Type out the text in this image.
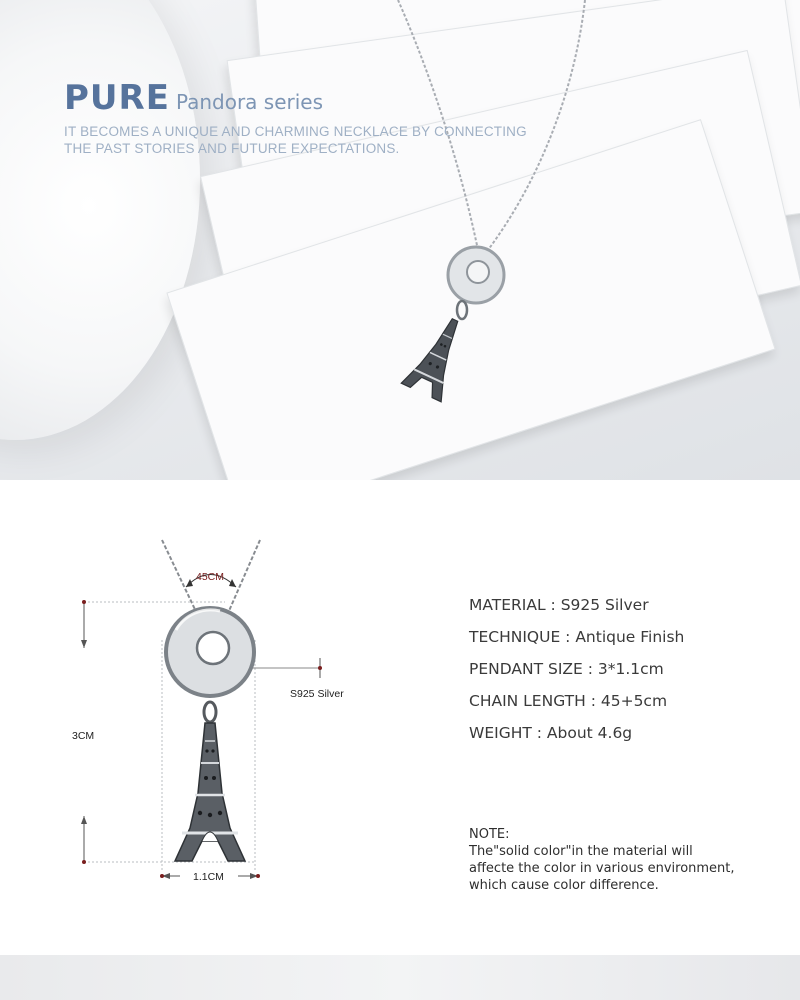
PURE Pandora series
IT BECOMES A UNIQUE AND CHARMING NECKLACE BY CONNECTING
THE PAST STORIES AND FUTURE EXPECTATIONS.
45CM
3CM
1.1CM
S925 Silver
MATERIAL : S925 Silver
TECHNIQUE : Antique Finish
PENDANT SIZE : 3*1.1cm
CHAIN LENGTH : 45+5cm
WEIGHT : About 4.6g
NOTE:
The"solid color"in the material will
affecte the color in various environment,
which cause color difference.
